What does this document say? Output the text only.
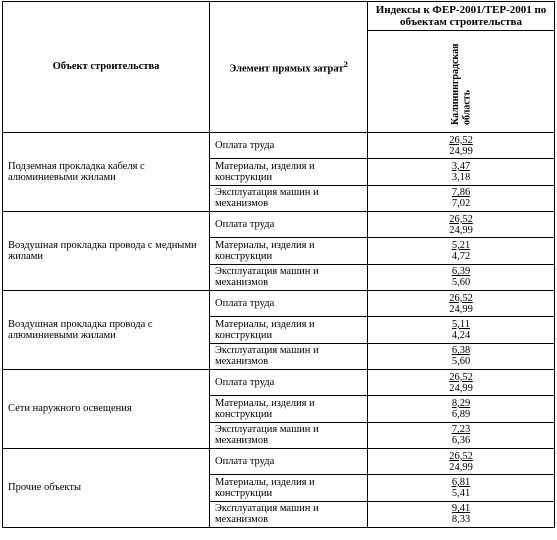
Объект строительства	Элемент прямых затрат$^2$	Индексы к ФЕР-2001/ТЕР-2001 по объектам строительства
		Калининградская область
Подземная прокладка кабеля с алюминиевыми жилами	Оплата труда	26,52
24,99

	Материалы, изделия и конструкции	3,47
3,18

	Эксплуатация машин и механизмов	7,86
7,02

Воздушная прокладка провода с медными жилами	Оплата труда	26,52
24,99

	Материалы, изделия и конструкции	5,21
4,72

	Эксплуатация машин и механизмов	6,39
5,60

Воздушная прокладка провода с алюминиевыми жилами	Оплата труда	26,52
24,99

	Материалы, изделия и конструкции	5,11
4,24

	Эксплуатация машин и механизмов	6,38
5,60

Сети наружного освещения	Оплата труда	26,52
24,99

	Материалы, изделия и конструкции	8,29
6,89

	Эксплуатация машин и механизмов	7,23
6,36

Прочие объекты	Оплата труда	26,52
24,99

	Материалы, изделия и конструкции	6,81
5,41

	Эксплуатация машин и механизмов	9,41
8,33
